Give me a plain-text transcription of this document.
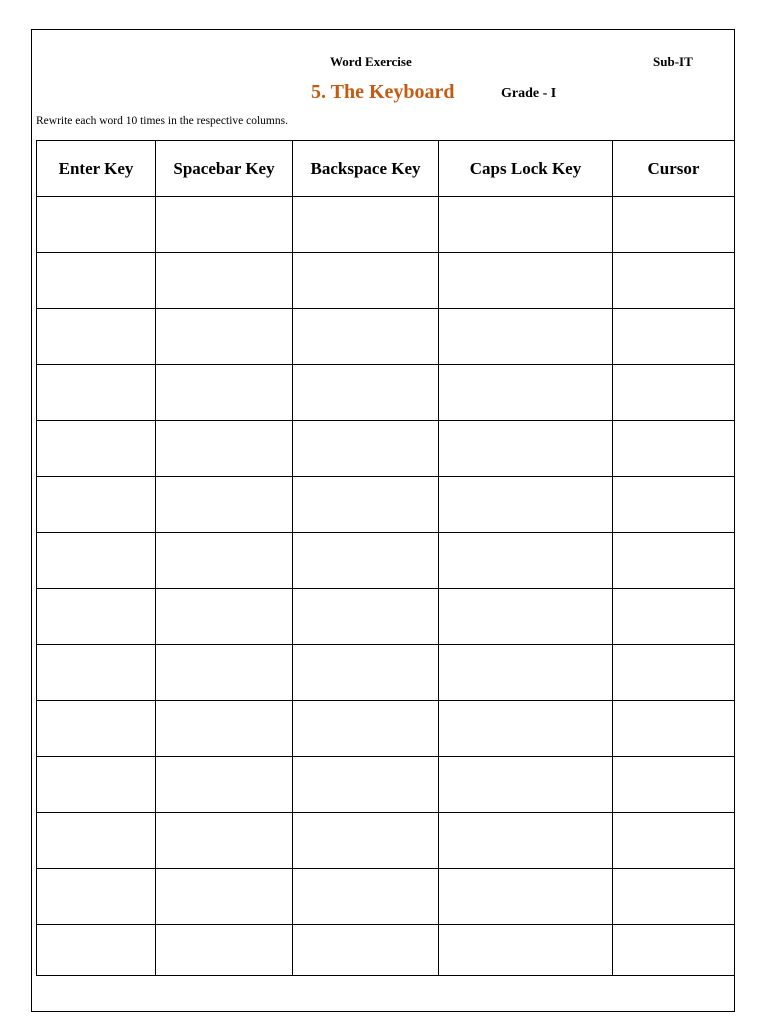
Word Exercise	Sub-IT
5. The Keyboard	Grade - I
Rewrite each word 10 times in the respective columns.
Enter Key	Spacebar Key	Backspace Key	Caps Lock Key	Cursor
